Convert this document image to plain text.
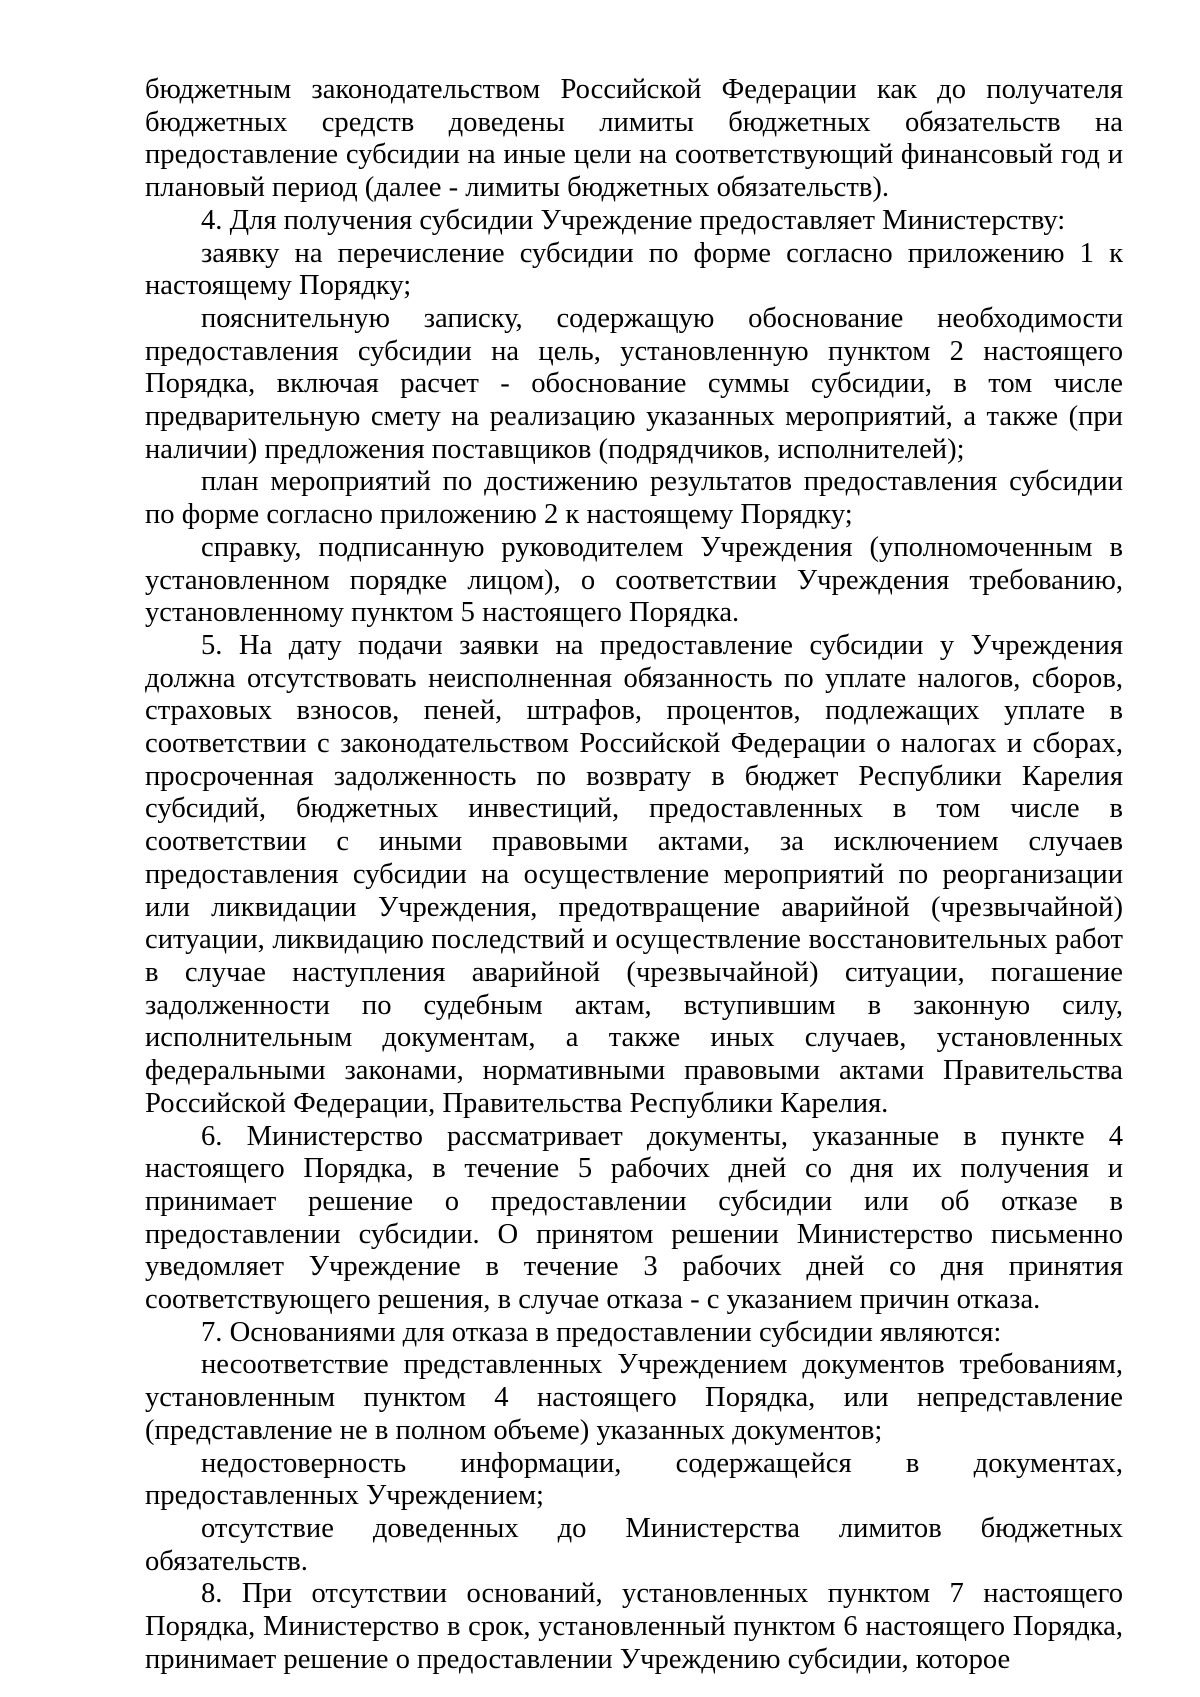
бюджетным законодательством Российской Федерации как до получателя бюджетных средств доведены лимиты бюджетных обязательств на предоставление субсидии на иные цели на соответствующий финансовый год и плановый период (далее - лимиты бюджетных обязательств).

4. Для получения субсидии Учреждение предоставляет Министерству:

заявку на перечисление субсидии по форме согласно приложению 1 к настоящему Порядку;

пояснительную записку, содержащую обоснование необходимости предоставления субсидии на цель, установленную пунктом 2 настоящего Порядка, включая расчет - обоснование суммы субсидии, в том числе предварительную смету на реализацию указанных мероприятий, а также (при наличии) предложения поставщиков (подрядчиков, исполнителей);

план мероприятий по достижению результатов предоставления субсидии по форме согласно приложению 2 к настоящему Порядку;

справку, подписанную руководителем Учреждения (уполномоченным в установленном порядке лицом), о соответствии Учреждения требованию, установленному пунктом 5 настоящего Порядка.

5. На дату подачи заявки на предоставление субсидии у Учреждения должна отсутствовать неисполненная обязанность по уплате налогов, сборов, страховых взносов, пеней, штрафов, процентов, подлежащих уплате в соответствии с законодательством Российской Федерации о налогах и сборах, просроченная задолженность по возврату в бюджет Республики Карелия субсидий, бюджетных инвестиций, предоставленных в том числе в соответствии с иными правовыми актами, за исключением случаев предоставления субсидии на осуществление мероприятий по реорганизации или ликвидации Учреждения, предотвращение аварийной (чрезвычайной) ситуации, ликвидацию последствий и осуществление восстановительных работ в случае наступления аварийной (чрезвычайной) ситуации, погашение задолженности по судебным актам, вступившим в законную силу, исполнительным документам, а также иных случаев, установленных федеральными законами, нормативными правовыми актами Правительства Российской Федерации, Правительства Республики Карелия.

6. Министерство рассматривает документы, указанные в пункте 4 настоящего Порядка, в течение 5 рабочих дней со дня их получения и принимает решение о предоставлении субсидии или об отказе в предоставлении субсидии. О принятом решении Министерство письменно уведомляет Учреждение в течение 3 рабочих дней со дня принятия соответствующего решения, в случае отказа - с указанием причин отказа.

7. Основаниями для отказа в предоставлении субсидии являются:

несоответствие представленных Учреждением документов требованиям, установленным пунктом 4 настоящего Порядка, или непредставление (представление не в полном объеме) указанных документов;

недостоверность информации, содержащейся в документах, предоставленных Учреждением;

отсутствие доведенных до Министерства лимитов бюджетных обязательств.

8. При отсутствии оснований, установленных пунктом 7 настоящего Порядка, Министерство в срок, установленный пунктом 6 настоящего Порядка, принимает решение о предоставлении Учреждению субсидии, которое
